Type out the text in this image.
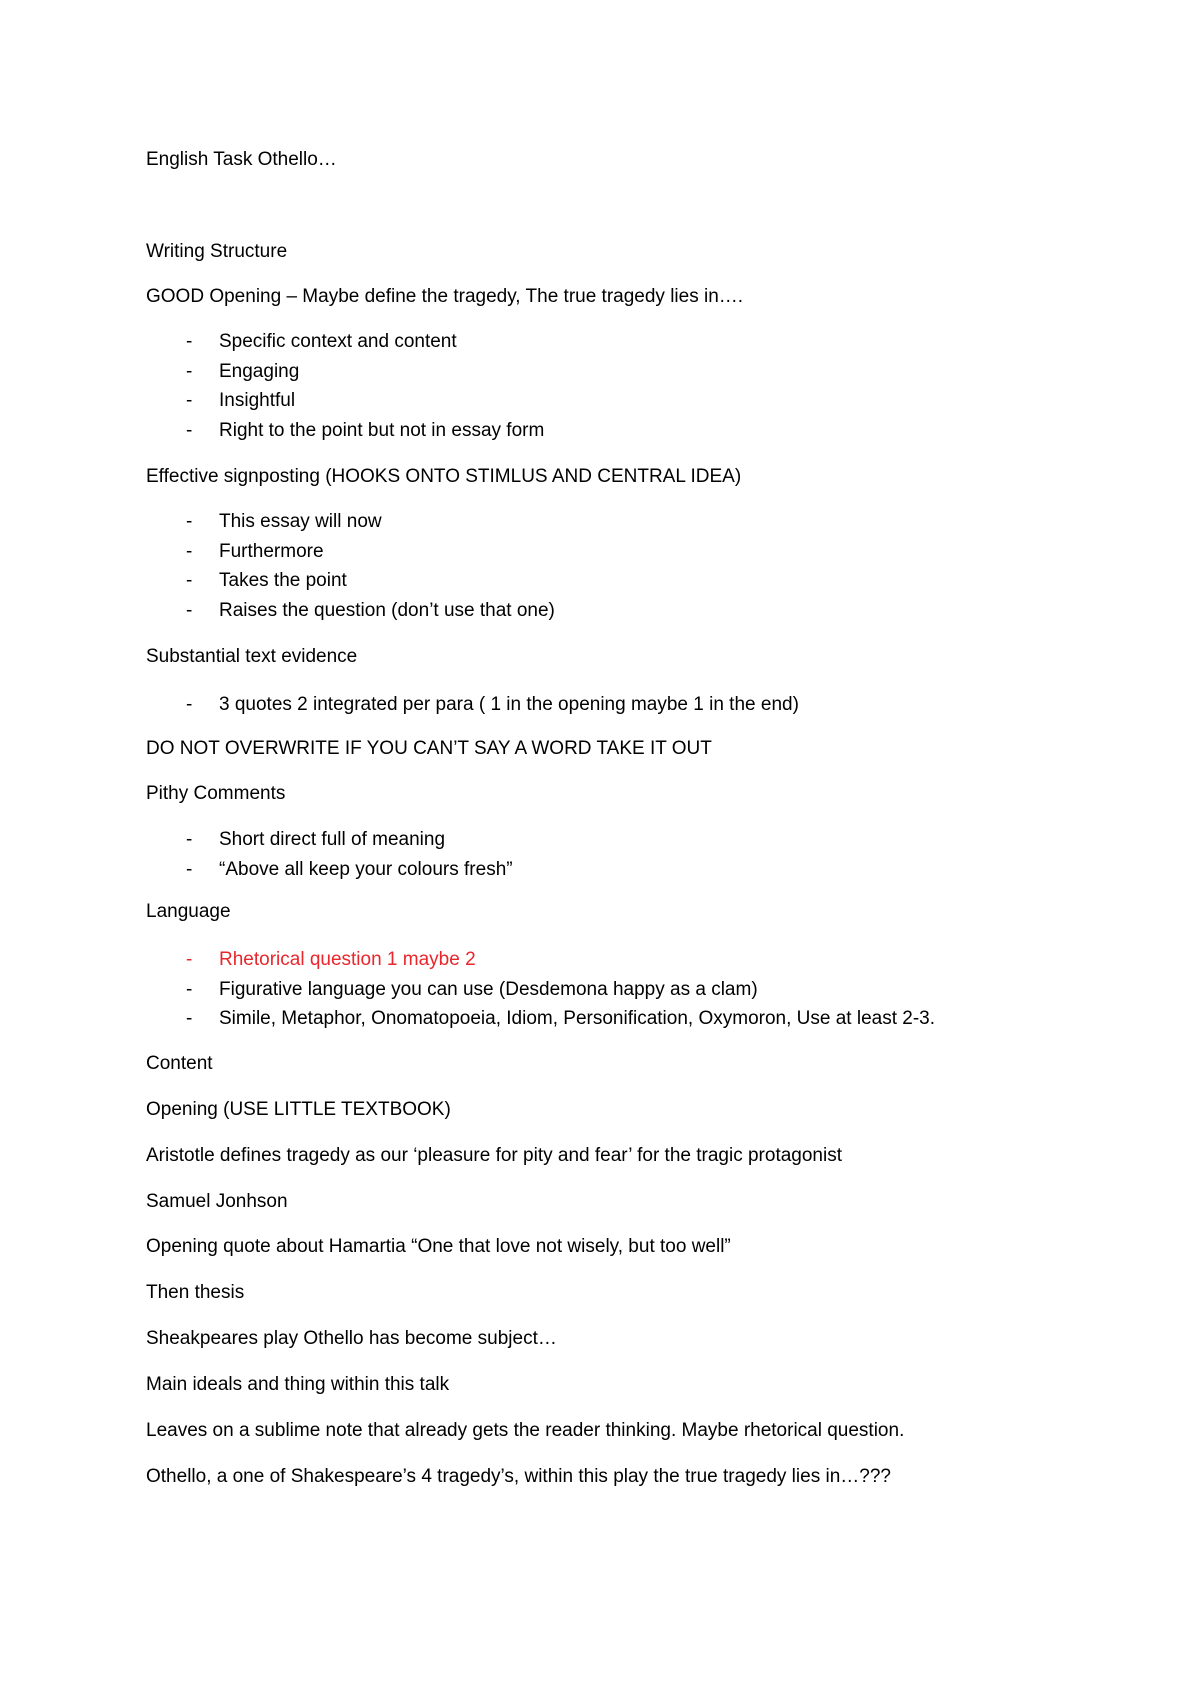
English Task Othello…

Writing Structure

GOOD Opening – Maybe define the tragedy, The true tragedy lies in….

- Specific context and content
- Engaging
- Insightful
- Right to the point but not in essay form

Effective signposting (HOOKS ONTO STIMLUS AND CENTRAL IDEA)

- This essay will now
- Furthermore
- Takes the point
- Raises the question (don’t use that one)

Substantial text evidence

- 3 quotes 2 integrated per para ( 1 in the opening maybe 1 in the end)

DO NOT OVERWRITE IF YOU CAN’T SAY A WORD TAKE IT OUT

Pithy Comments

- Short direct full of meaning
- “Above all keep your colours fresh”

Language

- Rhetorical question 1 maybe 2
- Figurative language you can use (Desdemona happy as a clam)
- Simile, Metaphor, Onomatopoeia, Idiom, Personification, Oxymoron, Use at least 2-3.

Content

Opening (USE LITTLE TEXTBOOK)

Aristotle defines tragedy as our ‘pleasure for pity and fear’ for the tragic protagonist

Samuel Jonhson

Opening quote about Hamartia “One that love not wisely, but too well”

Then thesis

Sheakpeares play Othello has become subject…

Main ideals and thing within this talk

Leaves on a sublime note that already gets the reader thinking. Maybe rhetorical question.

Othello, a one of Shakespeare’s 4 tragedy’s, within this play the true tragedy lies in…???
